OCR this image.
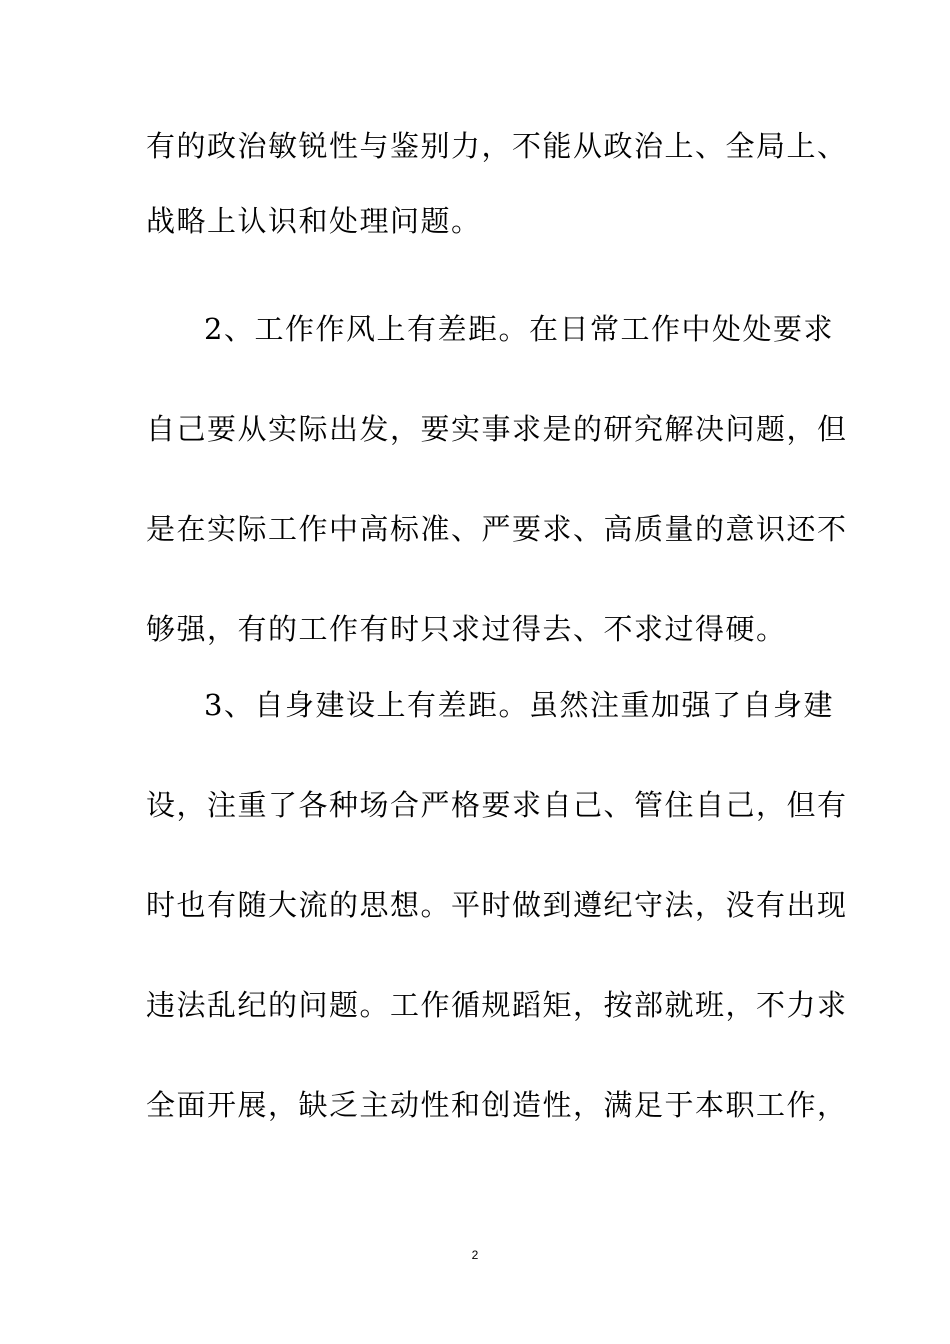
有的政治敏锐性与鉴别力，不能从政治上、全局上、
战略上认识和处理问题。
2、工作作风上有差距。在日常工作中处处要求
自己要从实际出发，要实事求是的研究解决问题，但
是在实际工作中高标准、严要求、高质量的意识还不
够强，有的工作有时只求过得去、不求过得硬。
3、自身建设上有差距。虽然注重加强了自身建
设，注重了各种场合严格要求自己、管住自己，但有
时也有随大流的思想。平时做到遵纪守法，没有出现
违法乱纪的问题。工作循规蹈矩，按部就班，不力求
全面开展，缺乏主动性和创造性，满足于本职工作，
2
